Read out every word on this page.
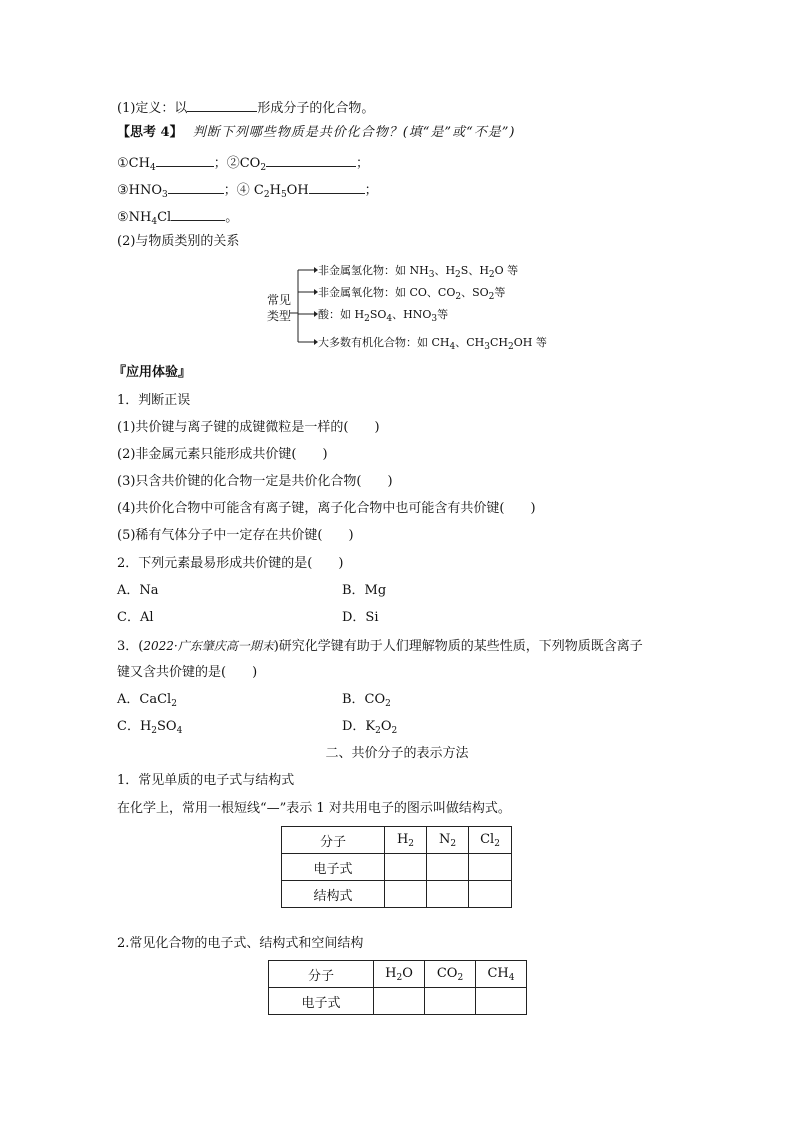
(1)定义：以	形成分子的化合物。
【思考 4】 判断下列哪些物质是共价化合物？(填“是”或“不是”)
$①CH_4$	；$②CO_2$	；
$③HNO_3$	；④ $C_2H_5OH$	；
$⑤NH_4Cl$	。
(2)与物质类别的关系
常见
类型
非金属氢化物：如 $NH_3$、$H_2S$、$H_2O$ 等
非金属氧化物：如 CO、$CO_2$、$SO_2$等
酸：如 $H_2SO_4$、$HNO_3$等
大多数有机化合物：如 $CH_4$、$CH_3CH_2OH$ 等
『应用体验』
1．判断正误
(1)共价键与离子键的成键微粒是一样的(　　)
(2)非金属元素只能形成共价键(　　)
(3)只含共价键的化合物一定是共价化合物(　　)
(4)共价化合物中可能含有离子键，离子化合物中也可能含有共价键(　　)
(5)稀有气体分子中一定存在共价键(　　)
2．下列元素最易形成共价键的是(　　)
A．Na	B．Mg
C．Al	D．Si
3．(2022·广东肇庆高一期末)研究化学键有助于人们理解物质的某些性质，下列物质既含离子
键又含共价键的是(　　)
A．CaCl$_2$	B．$CO_2$
C．$H_2SO_4$	D．$K_2O_2$
二、共价分子的表示方法
1．常见单质的电子式与结构式
在化学上，常用一根短线“—”表示 1 对共用电子的图示叫做结构式。
分子	$H_2$	$N_2$	$Cl_2$
电子式			
结构式			
2.常见化合物的电子式、结构式和空间结构
分子	$H_2O$	$CO_2$	$CH_4$
电子式			
